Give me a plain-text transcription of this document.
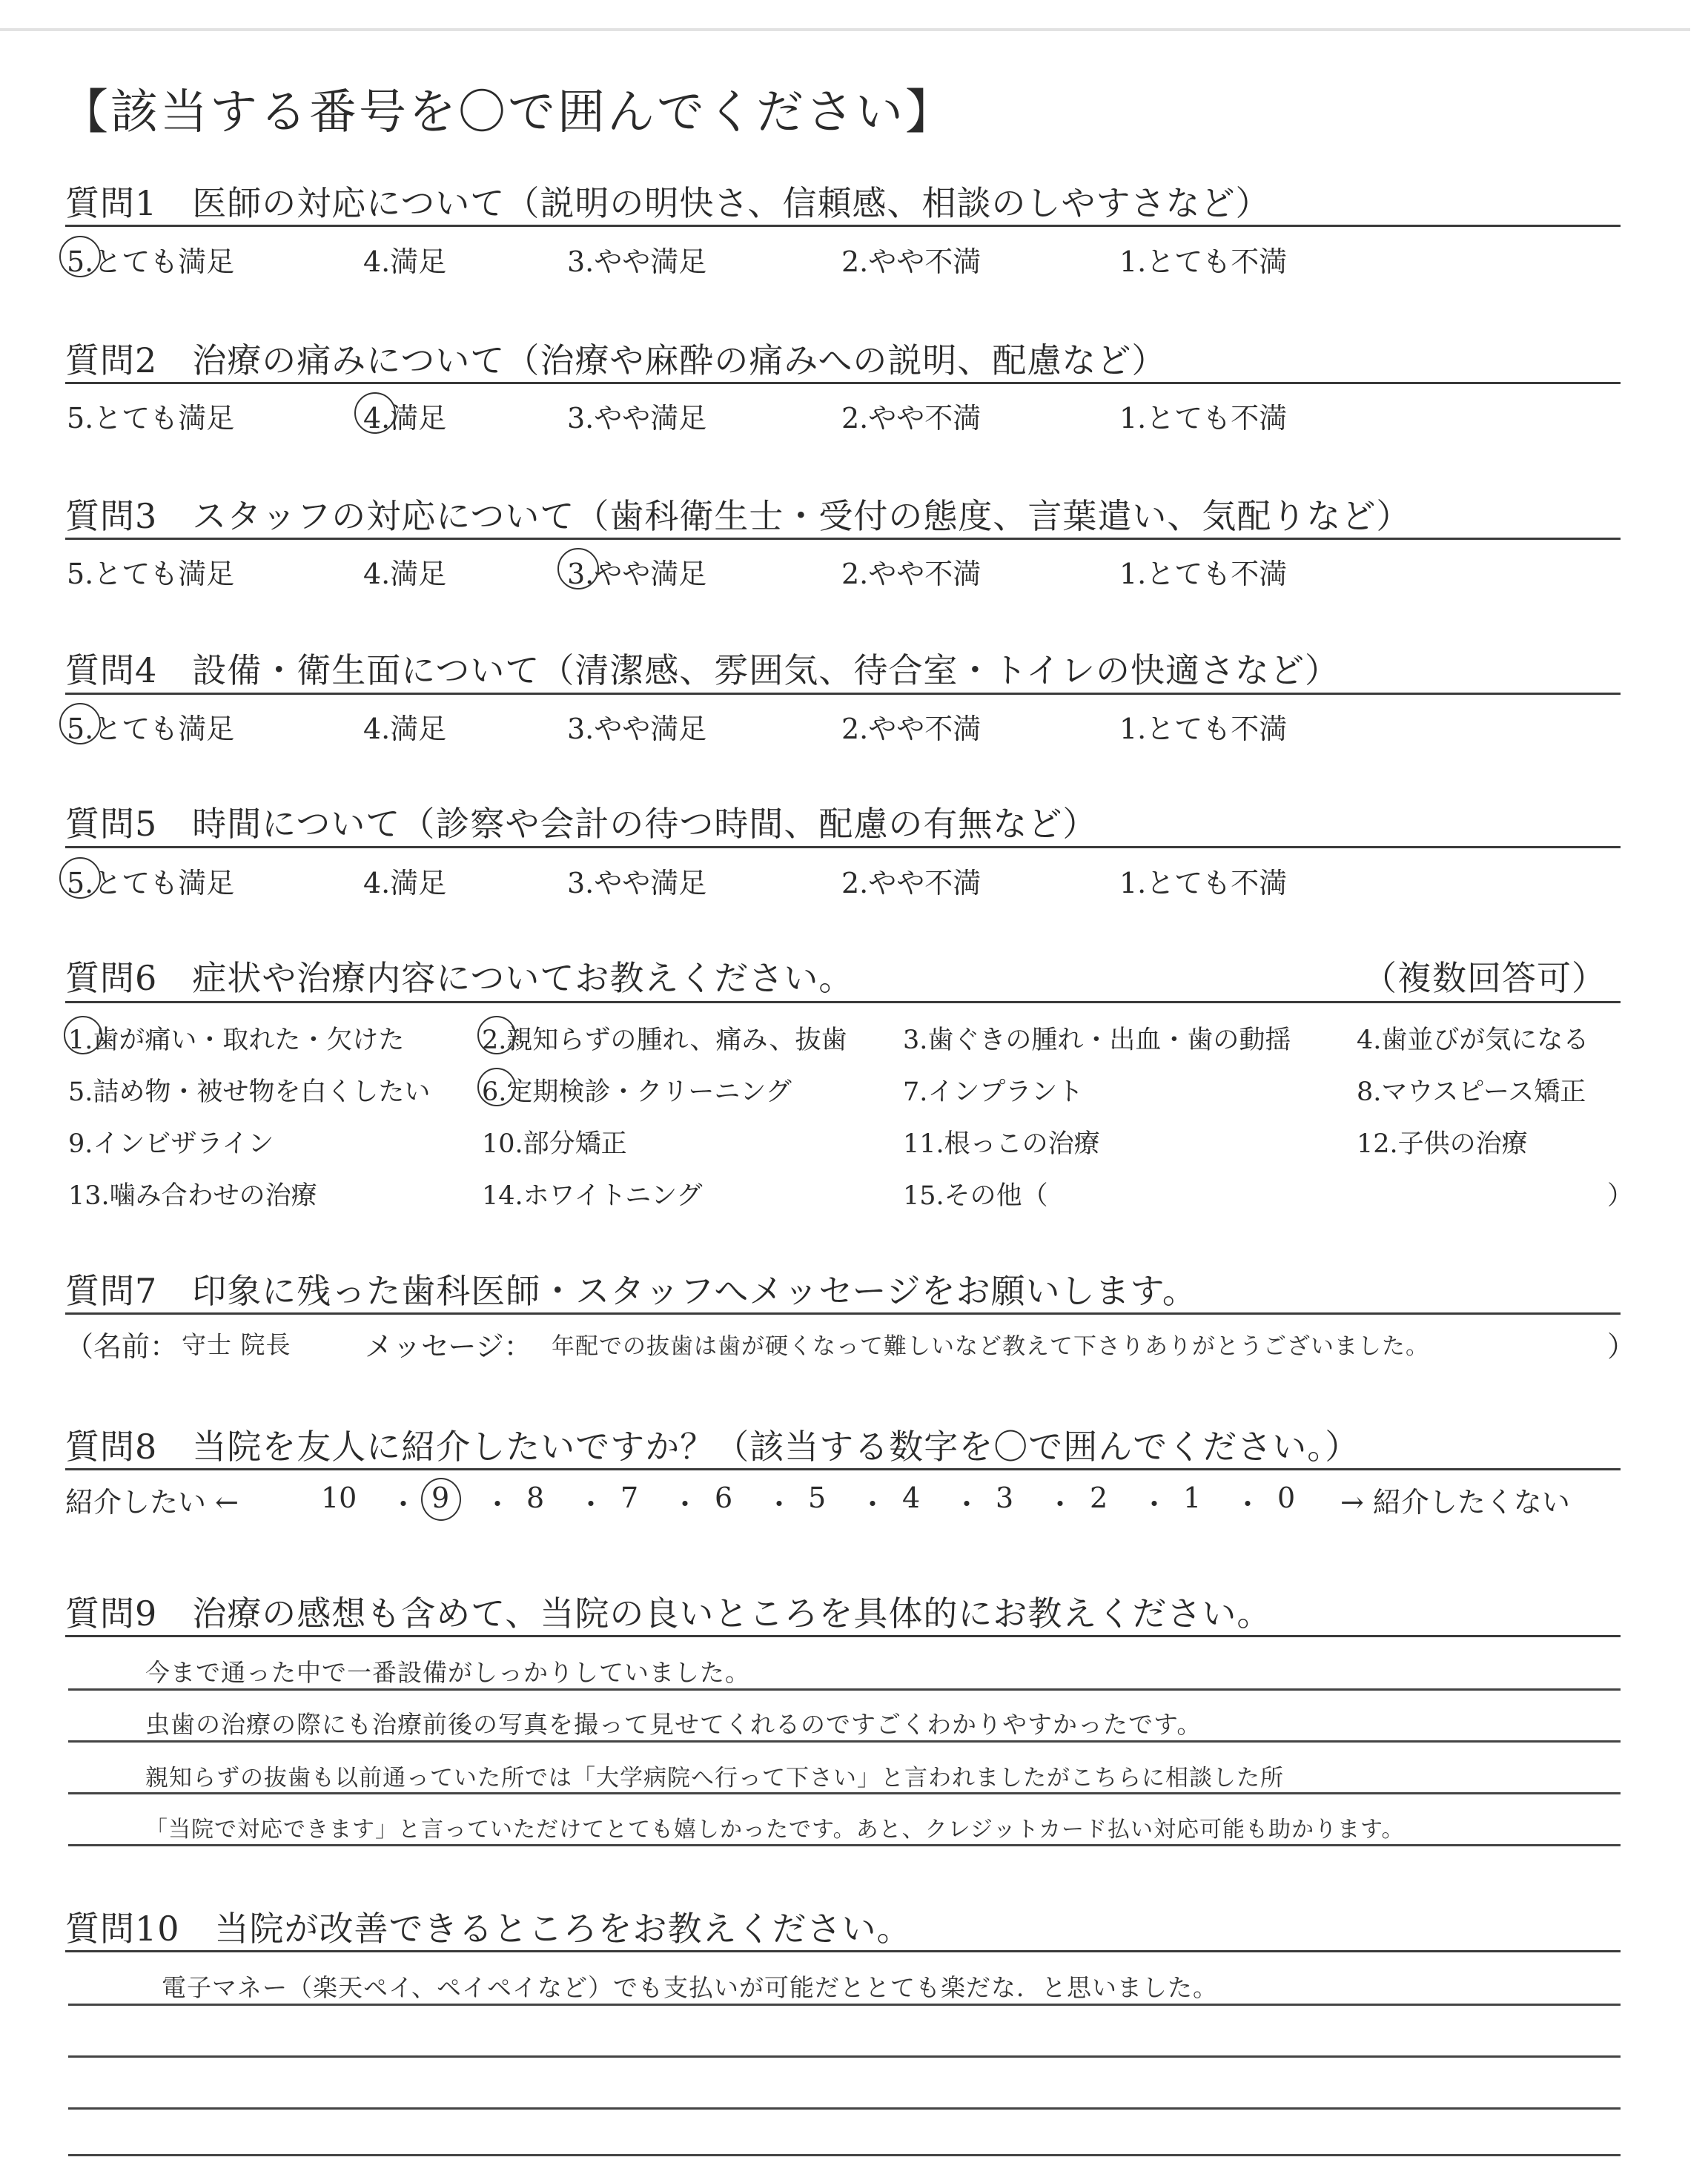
【該当する番号を〇で囲んでください】
質問1　医師の対応について（説明の明快さ、信頼感、相談のしやすさなど）
5.とても満足	4.満足	3.やや満足	2.やや不満	1.とても不満
質問2　治療の痛みについて（治療や麻酔の痛みへの説明、配慮など）
5.とても満足	4.満足	3.やや満足	2.やや不満	1.とても不満
質問3　スタッフの対応について（歯科衛生士・受付の態度、言葉遣い、気配りなど）
5.とても満足	4.満足	3.やや満足	2.やや不満	1.とても不満
質問4　設備・衛生面について（清潔感、雰囲気、待合室・トイレの快適さなど）
5.とても満足	4.満足	3.やや満足	2.やや不満	1.とても不満
質問5　時間について（診察や会計の待つ時間、配慮の有無など）
5.とても満足	4.満足	3.やや満足	2.やや不満	1.とても不満
質問6　症状や治療内容についてお教えください。	（複数回答可）
1.歯が痛い・取れた・欠けた	2.親知らずの腫れ、痛み、抜歯 3.歯ぐきの腫れ・出血・歯の動揺	4.歯並びが気になる
5.詰め物・被せ物を白くしたい 6.定期検診・クリーニング	7.インプラント	8.マウスピース矯正
9.インビザライン	10.部分矯正	11.根っこの治療	12.子供の治療
13.噛み合わせの治療	14.ホワイトニング	15.その他（	）
質問7　印象に残った歯科医師・スタッフへメッセージをお願いします。
（名前： 守士 院長	メッセージ： 年配での抜歯は歯が硬くなって難しいなど教えて下さりありがとうございました。	）
質問8　当院を友人に紹介したいですか？（該当する数字を〇で囲んでください。）
紹介したい ←	10 ・ 9 ・ 8 ・ 7 ・ 6 ・ 5 ・ 4 ・ 3 ・ 2 ・ 1 ・ 0 → 紹介したくない
質問9　治療の感想も含めて、当院の良いところを具体的にお教えください。
今まで通った中で一番設備がしっかりしていました。
虫歯の治療の際にも治療前後の写真を撮って見せてくれるのですごくわかりやすかったです。
親知らずの抜歯も以前通っていた所では「大学病院へ行って下さい」と言われましたがこちらに相談した所
「当院で対応できます」と言っていただけてとても嬉しかったです。あと、クレジットカード払い対応可能も助かります。
質問10　当院が改善できるところをお教えください。
電子マネー（楽天ペイ、ペイペイなど）でも支払いが可能だととても楽だな．と思いました。
